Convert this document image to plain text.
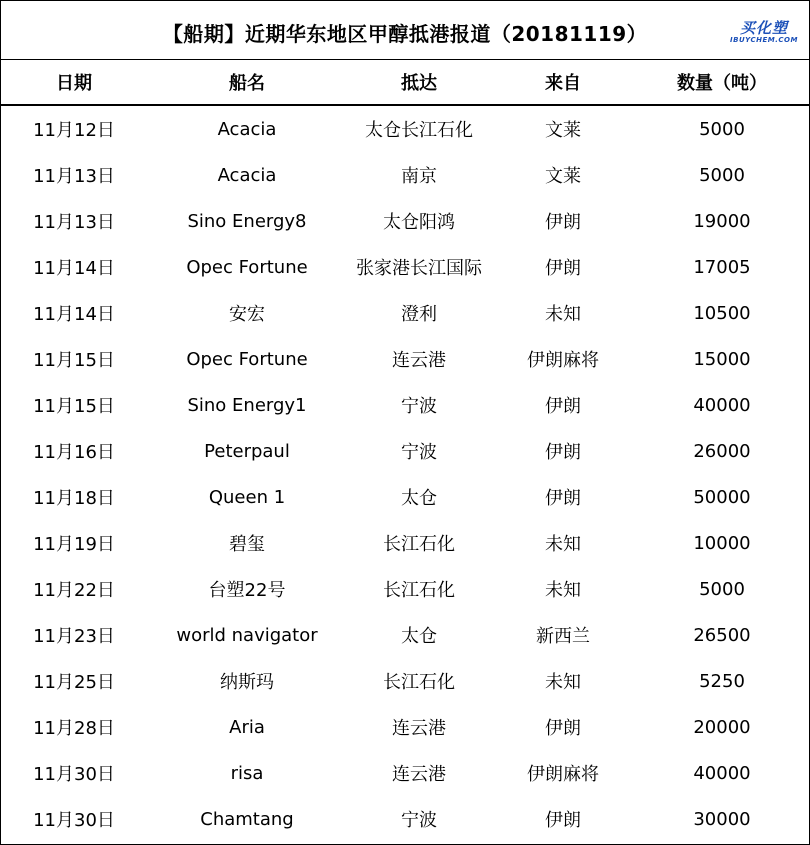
【船期】近期华东地区甲醇抵港报道（20181119）	买化塑
IBUYCHEM.COM
日期	船名	抵达	来自	数量（吨）
11月12日	Acacia	太仓长江石化	文莱	5000
11月13日	Acacia	南京	文莱	5000
11月13日	Sino Energy8	太仓阳鸿	伊朗	19000
11月14日	Opec Fortune	张家港长江国际	伊朗	17005
11月14日	安宏	澄利	未知	10500
11月15日	Opec Fortune	连云港	伊朗麻将	15000
11月15日	Sino Energy1	宁波	伊朗	40000
11月16日	Peterpaul	宁波	伊朗	26000
11月18日	Queen 1	太仓	伊朗	50000
11月19日	碧玺	长江石化	未知	10000
11月22日	台塑22号	长江石化	未知	5000
11月23日	world navigator	太仓	新西兰	26500
11月25日	纳斯玛	长江石化	未知	5250
11月28日	Aria	连云港	伊朗	20000
11月30日	risa	连云港	伊朗麻将	40000
11月30日	Chamtang	宁波	伊朗	30000
